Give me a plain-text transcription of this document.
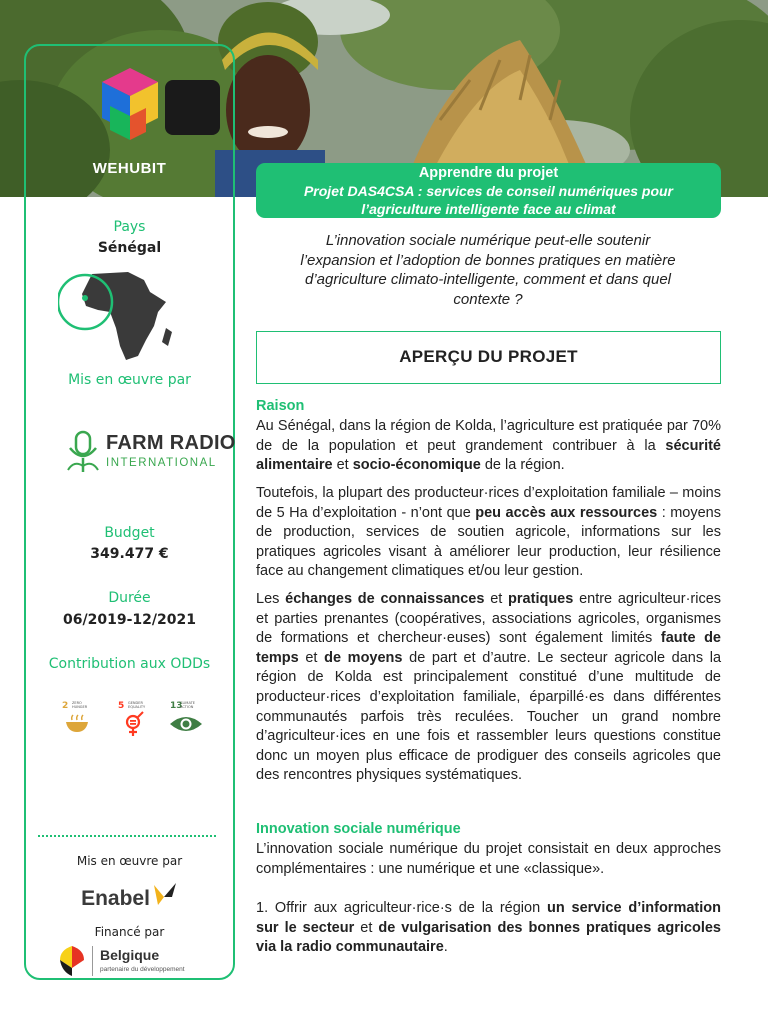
WEHUBIT
Pays
Sénégal
Mis en œuvre par
FARM RADIO
INTERNATIONAL
Budget
349.477 €
Durée
06/2019-12/2021
Contribution aux ODDs
2 ZERO HUNGER	5 GENDER EQUALITY	13
CLIMATE ACTION
Mis en œuvre par
Enabel
Financé par
Belgique
partenaire du développement
Apprendre du projet
Projet DAS4CSA : services de conseil numériques pour
l’agriculture intelligente face au climat
L’innovation sociale numérique peut-elle soutenir
l’expansion et l’adoption de bonnes pratiques en matière
d’agriculture climato-intelligente, comment et dans quel
contexte ?
APERÇU DU PROJET
Raison

Au Sénégal, dans la région de Kolda, l’agriculture est pratiquée par 70% de de la population et peut grandement contribuer à la sécurité alimentaire et socio-économique de la région.

Toutefois, la plupart des producteur·rices d’exploitation familiale – moins de 5 Ha d’exploitation - n’ont que peu accès aux ressources : moyens de production, services de soutien agricole, informations sur les pratiques agricoles visant à améliorer leur production, leur résilience face au changement climatiques et/ou leur gestion.

Les échanges de connaissances et pratiques entre agriculteur·rices et parties prenantes (coopératives, associations agricoles, organismes de formations et chercheur·euses) sont également limités faute de temps et de moyens de part et d’autre. Le secteur agricole dans la région de Kolda est principalement constitué d’une multitude de producteur·rices d’exploitation familiale, éparpillé·es dans différentes communautés parfois très reculées. Toucher un grand nombre d’agriculteur·ices en une fois et rassembler leurs questions constitue donc un moyen plus efficace de prodiguer des conseils agricoles que des rencontres physiques systématiques.

Innovation sociale numérique

L’innovation sociale numérique du projet consistait en deux approches complémentaires : une numérique et une «classique».

1. Offrir aux agriculteur·rice·s de la région un service d’information sur le secteur et de vulgarisation des bonnes pratiques agricoles via la radio communautaire.
